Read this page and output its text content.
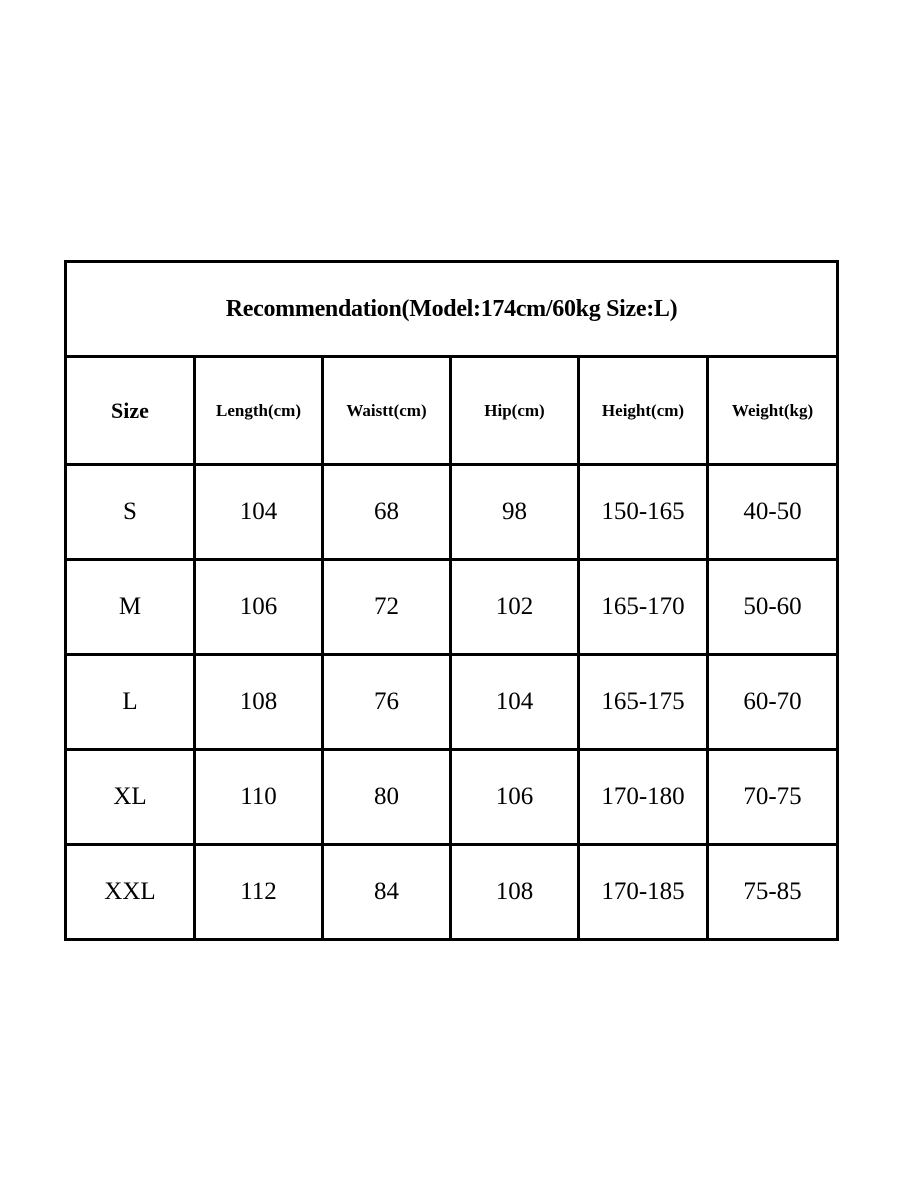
Recommendation(Model:174cm/60kg Size:L)					
Size	Length(cm)	Waistt(cm)	Hip(cm)	Height(cm)	Weight(kg)
S	104	68	98	150-165	40-50
M	106	72	102	165-170	50-60
L	108	76	104	165-175	60-70
XL	110	80	106	170-180	70-75
XXL	112	84	108	170-185	75-85
